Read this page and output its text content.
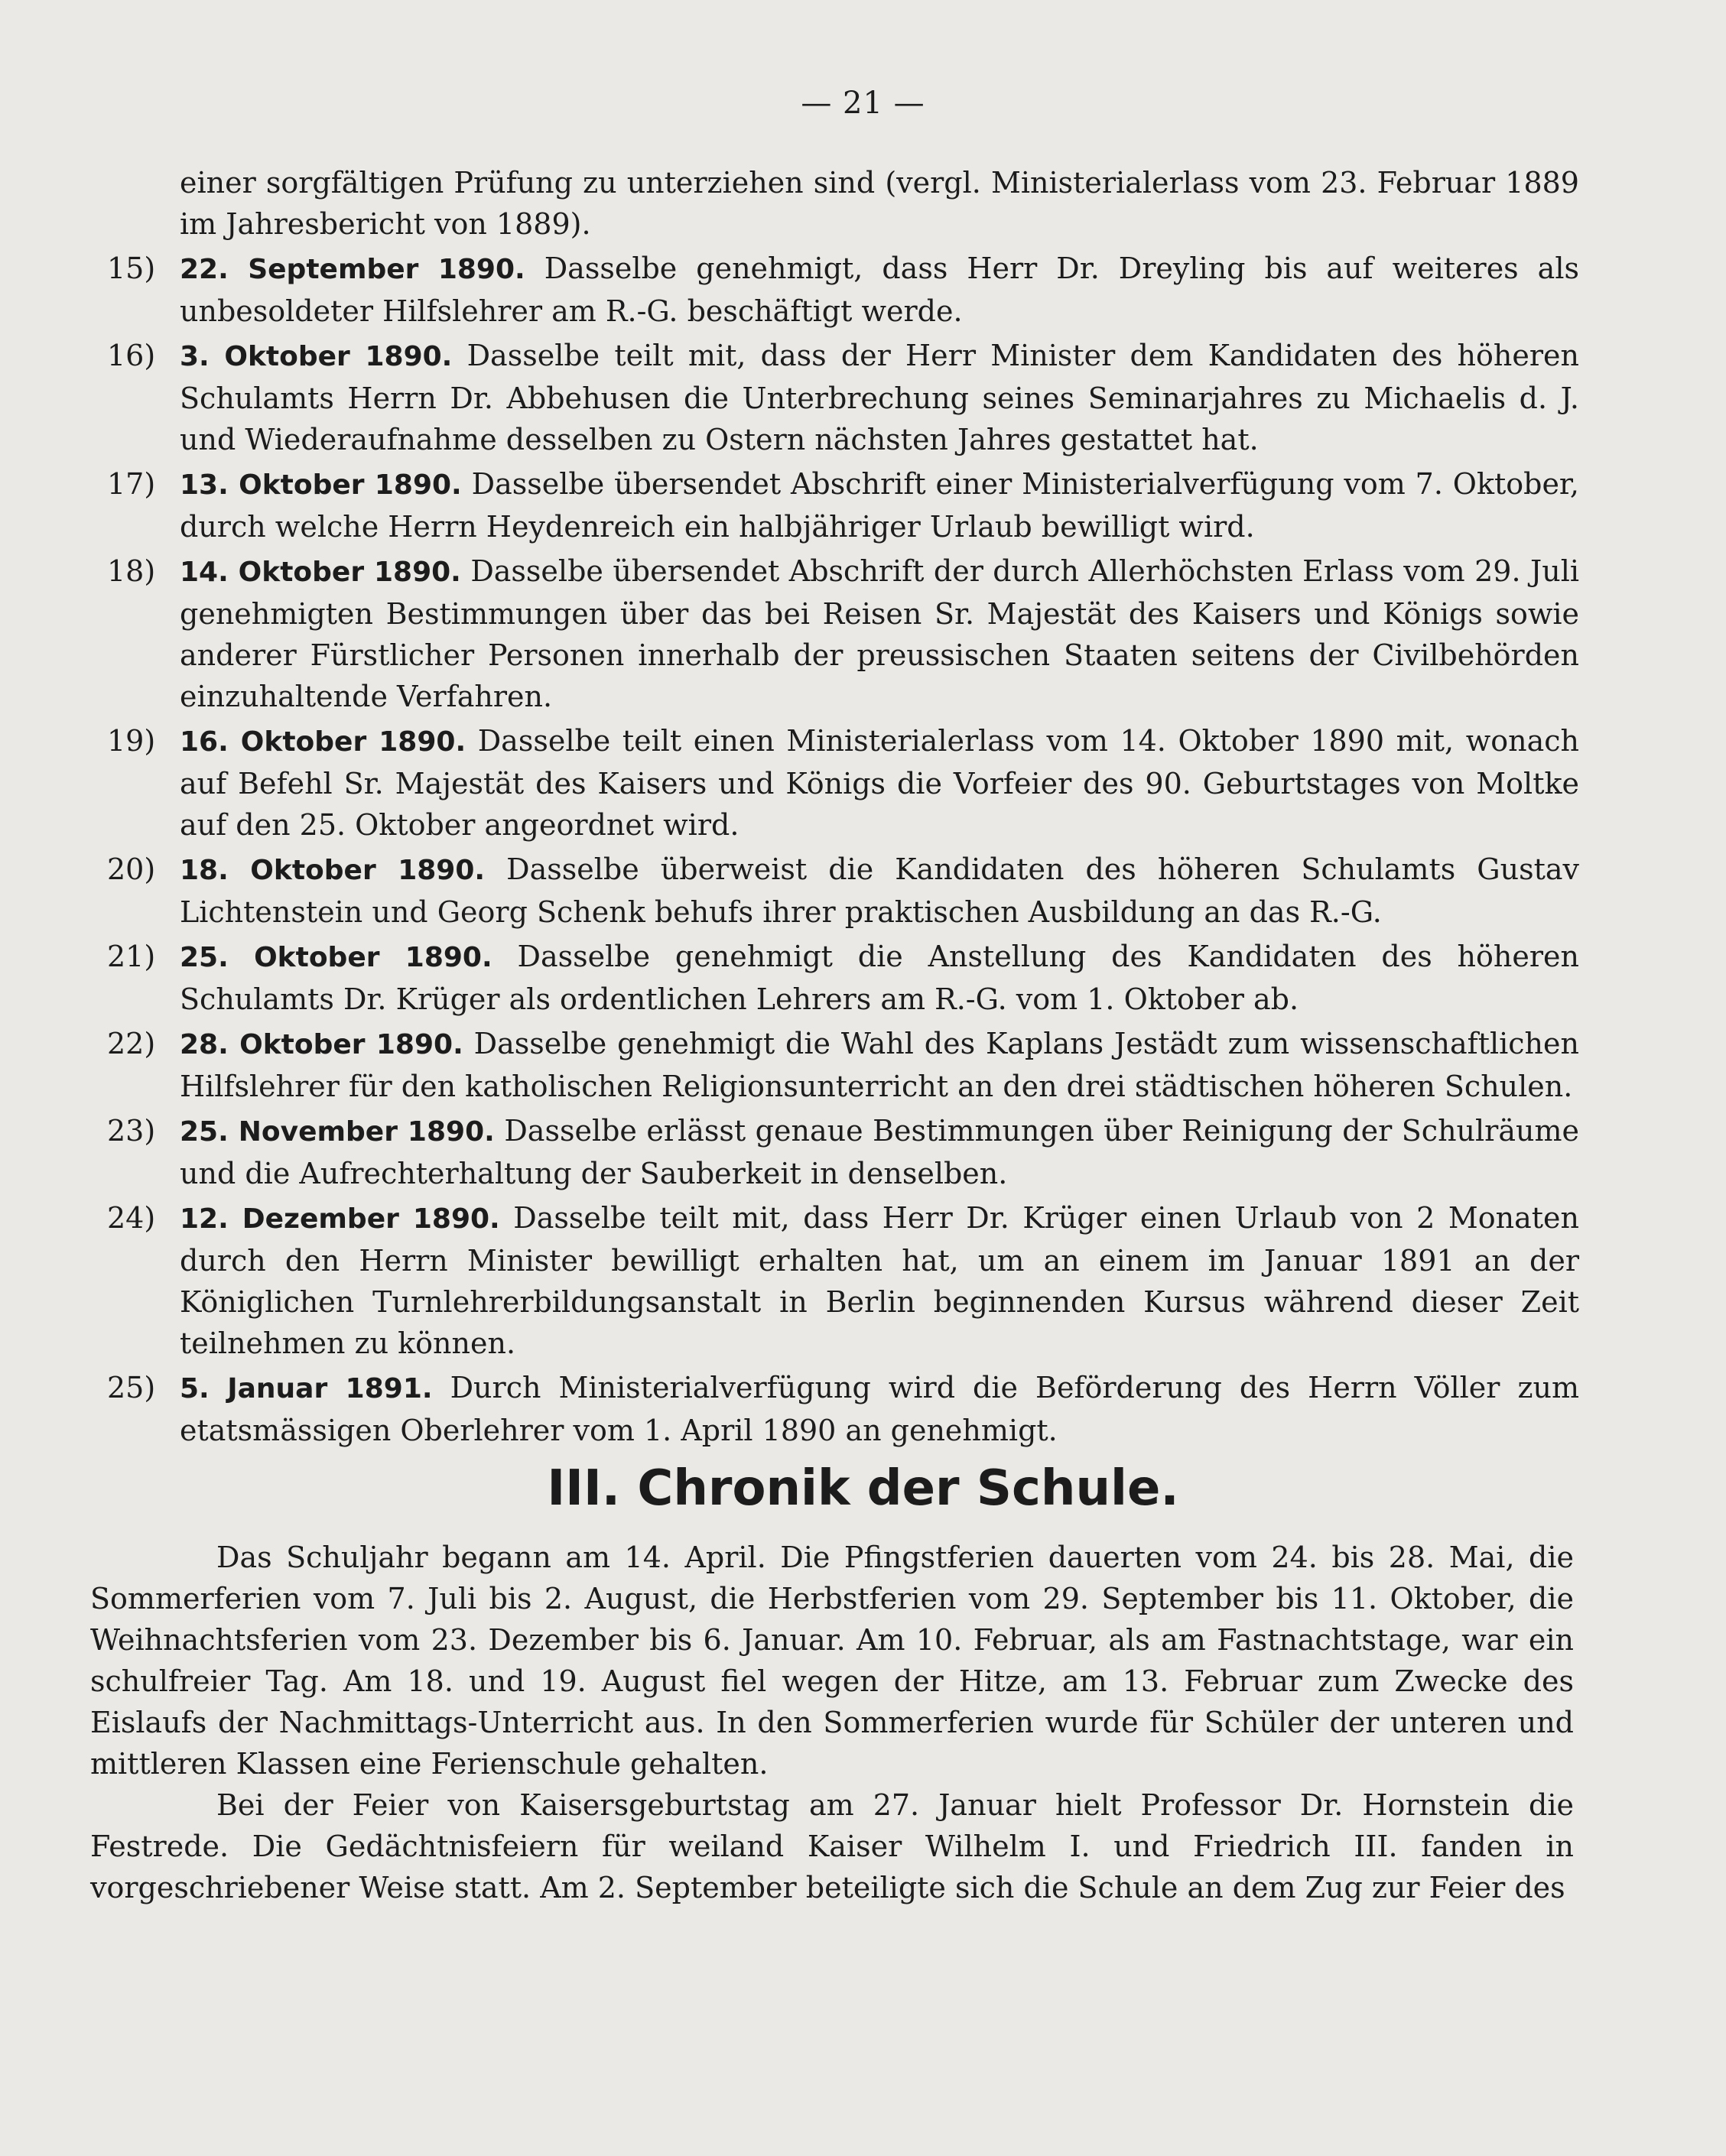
— 21 —

einer sorgfältigen Prüfung zu unterziehen sind (vergl. Ministerialerlass vom 23. Februar 1889 im Jahresbericht von 1889).

15) 22. September 1890. Dasselbe genehmigt, dass Herr Dr. Dreyling bis auf weiteres als unbesoldeter Hilfslehrer am R.-G. beschäftigt werde.
16) 3. Oktober 1890. Dasselbe teilt mit, dass der Herr Minister dem Kandidaten des höheren Schulamts Herrn Dr. Abbehusen die Unterbrechung seines Seminarjahres zu Michaelis d. J. und Wiederaufnahme desselben zu Ostern nächsten Jahres gestattet hat.
17) 13. Oktober 1890. Dasselbe übersendet Abschrift einer Ministerialverfügung vom 7. Oktober, durch welche Herrn Heydenreich ein halbjähriger Urlaub bewilligt wird.
18) 14. Oktober 1890. Dasselbe übersendet Abschrift der durch Allerhöchsten Erlass vom 29. Juli genehmigten Bestimmungen über das bei Reisen Sr. Majestät des Kaisers und Königs sowie anderer Fürstlicher Personen innerhalb der preussischen Staaten seitens der Civilbehörden einzuhaltende Verfahren.
19) 16. Oktober 1890. Dasselbe teilt einen Ministerialerlass vom 14. Oktober 1890 mit, wonach auf Befehl Sr. Majestät des Kaisers und Königs die Vorfeier des 90. Geburtstages von Moltke auf den 25. Oktober angeordnet wird.
20) 18. Oktober 1890. Dasselbe überweist die Kandidaten des höheren Schulamts Gustav Lichtenstein und Georg Schenk behufs ihrer praktischen Ausbildung an das R.-G.
21) 25. Oktober 1890. Dasselbe genehmigt die Anstellung des Kandidaten des höheren Schulamts Dr. Krüger als ordentlichen Lehrers am R.-G. vom 1. Oktober ab.
22) 28. Oktober 1890. Dasselbe genehmigt die Wahl des Kaplans Jestädt zum wissenschaftlichen Hilfslehrer für den katholischen Religionsunterricht an den drei städtischen höheren Schulen.
23) 25. November 1890. Dasselbe erlässt genaue Bestimmungen über Reinigung der Schulräume und die Aufrechterhaltung der Sauberkeit in denselben.
24) 12. Dezember 1890. Dasselbe teilt mit, dass Herr Dr. Krüger einen Urlaub von 2 Monaten durch den Herrn Minister bewilligt erhalten hat, um an einem im Januar 1891 an der Königlichen Turnlehrerbildungsanstalt in Berlin beginnenden Kursus während dieser Zeit teilnehmen zu können.
25) 5. Januar 1891. Durch Ministerialverfügung wird die Beförderung des Herrn Völler zum etatsmässigen Oberlehrer vom 1. April 1890 an genehmigt.
III. Chronik der Schule.

Das Schuljahr begann am 14. April. Die Pfingstferien dauerten vom 24. bis 28. Mai, die Sommerferien vom 7. Juli bis 2. August, die Herbstferien vom 29. September bis 11. Oktober, die Weihnachtsferien vom 23. Dezember bis 6. Januar. Am 10. Februar, als am Fastnachtstage, war ein schulfreier Tag. Am 18. und 19. August fiel wegen der Hitze, am 13. Februar zum Zwecke des Eislaufs der Nachmittags-Unterricht aus. In den Sommerferien wurde für Schüler der unteren und mittleren Klassen eine Ferienschule gehalten.

Bei der Feier von Kaisersgeburtstag am 27. Januar hielt Professor Dr. Hornstein die Festrede. Die Gedächtnisfeiern für weiland Kaiser Wilhelm I. und Friedrich III. fanden in vorgeschriebener Weise statt. Am 2. September beteiligte sich die Schule an dem Zug zur Feier des
